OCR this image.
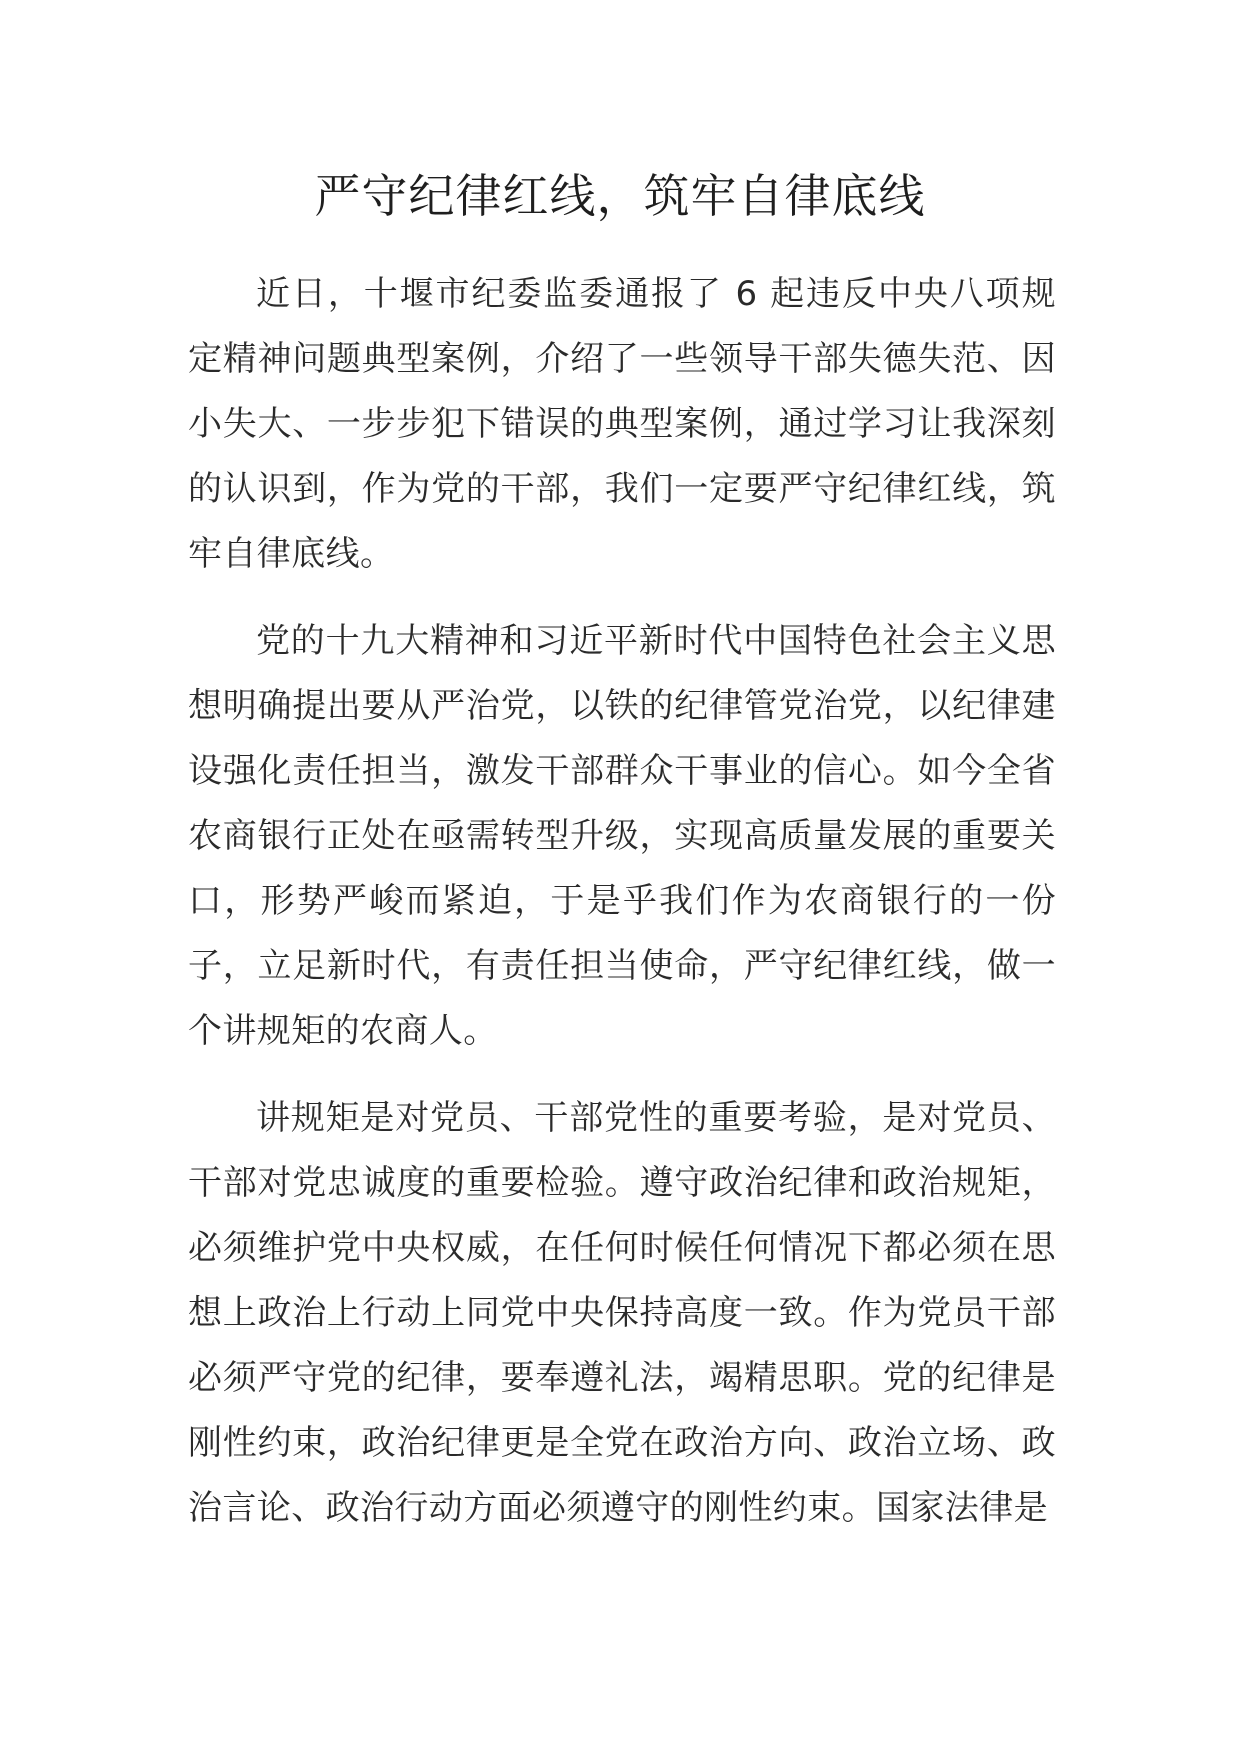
严守纪律红线，筑牢自律底线

近日，十堰市纪委监委通报了 6 起违反中央八项规定精神问题典型案例，介绍了一些领导干部失德失范、因小失大、一步步犯下错误的典型案例，通过学习让我深刻的认识到，作为党的干部，我们一定要严守纪律红线，筑牢自律底线。

党的十九大精神和习近平新时代中国特色社会主义思想明确提出要从严治党，以铁的纪律管党治党，以纪律建设强化责任担当，激发干部群众干事业的信心。如今全省农商银行正处在亟需转型升级，实现高质量发展的重要关口，形势严峻而紧迫，于是乎我们作为农商银行的一份子，立足新时代，有责任担当使命，严守纪律红线，做一个讲规矩的农商人。

讲规矩是对党员、干部党性的重要考验，是对党员、干部对党忠诚度的重要检验。遵守政治纪律和政治规矩，必须维护党中央权威，在任何时候任何情况下都必须在思想上政治上行动上同党中央保持高度一致。作为党员干部必须严守党的纪律，要奉遵礼法，竭精思职。党的纪律是刚性约束，政治纪律更是全党在政治方向、政治立场、政治言论、政治行动方面必须遵守的刚性约束。国家法律是
